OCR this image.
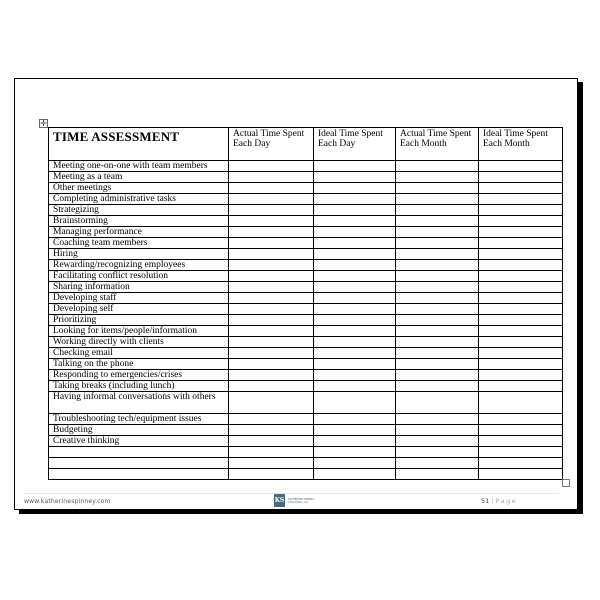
✛
TIME ASSESSMENT	Actual Time Spent Each Day	Ideal Time Spent Each Day	Actual Time Spent Each Month	Ideal Time Spent Each Month
Meeting one-on-one with team members				
Meeting as a team				
Other meetings				
Completing administrative tasks				
Strategizing				
Brainstorming				
Managing performance				
Coaching team members				
Hiring				
Rewarding/recognizing employees				
Facilitating conflict resolution				
Sharing information				
Developing staff				
Developing self				
Prioritizing				
Looking for items/people/information				
Working directly with clients				
Checking email				
Talking on the phone				
Responding to emergencies/crises				
Taking breaks (including lunch)				
Having informal conversations with others				
Troubleshooting tech/equipment issues				
Budgeting				
Creative thinking				

www.katherinespinney.com	KS KATHERINE SPINNEY COACHING, LLC	51 | Page
